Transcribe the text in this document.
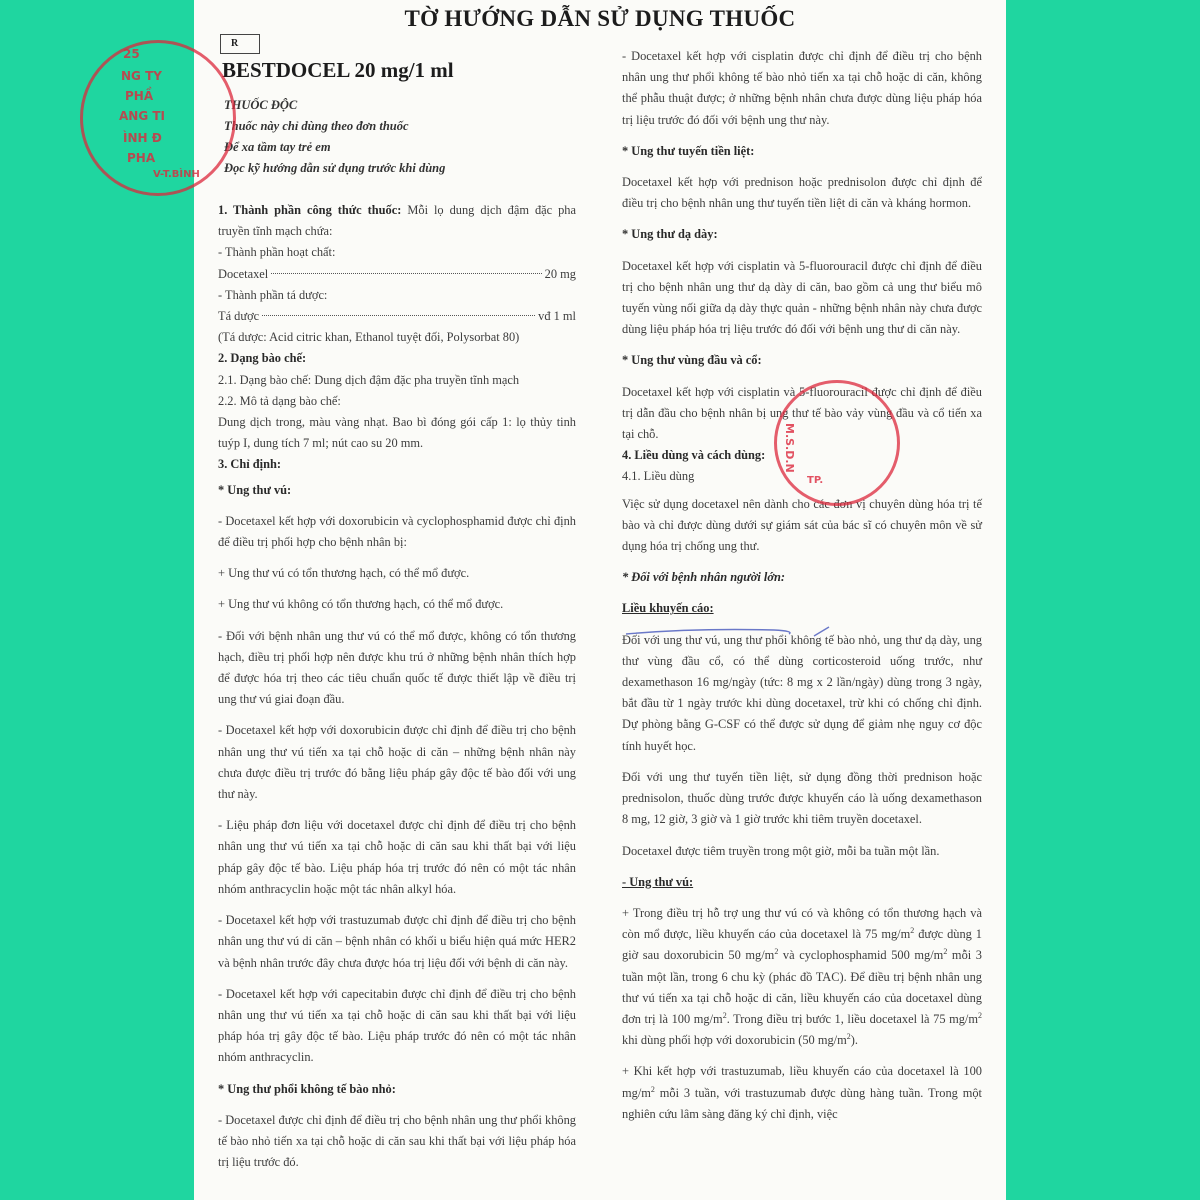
TỜ HƯỚNG DẪN SỬ DỤNG THUỐC
R
BESTDOCEL 20 mg/1 ml
THUỐC ĐỘC
Thuốc này chỉ dùng theo đơn thuốc
Để xa tầm tay trẻ em
Đọc kỹ hướng dẫn sử dụng trước khi dùng

1. Thành phần công thức thuốc: Mỗi lọ dung dịch đậm đặc pha truyền tĩnh mạch chứa:

- Thành phần hoạt chất:

Docetaxel	20 mg

- Thành phần tá dược:

Tá dược	vđ 1 ml

(Tá dược: Acid citric khan, Ethanol tuyệt đối, Polysorbat 80)

2. Dạng bào chế:

2.1. Dạng bào chế: Dung dịch đậm đặc pha truyền tĩnh mạch

2.2. Mô tả dạng bào chế:

Dung dịch trong, màu vàng nhạt. Bao bì đóng gói cấp 1: lọ thủy tinh tuýp I, dung tích 7 ml; nút cao su 20 mm.

3. Chỉ định:

* Ung thư vú:

- Docetaxel kết hợp với doxorubicin và cyclophosphamid được chỉ định để điều trị phối hợp cho bệnh nhân bị:

+ Ung thư vú có tổn thương hạch, có thể mổ được.

+ Ung thư vú không có tổn thương hạch, có thể mổ được.

- Đối với bệnh nhân ung thư vú có thể mổ được, không có tổn thương hạch, điều trị phối hợp nên được khu trú ở những bệnh nhân thích hợp để được hóa trị theo các tiêu chuẩn quốc tế được thiết lập về điều trị ung thư vú giai đoạn đầu.

- Docetaxel kết hợp với doxorubicin được chỉ định để điều trị cho bệnh nhân ung thư vú tiến xa tại chỗ hoặc di căn – những bệnh nhân này chưa được điều trị trước đó bằng liệu pháp gây độc tế bào đối với ung thư này.

- Liệu pháp đơn liệu với docetaxel được chỉ định để điều trị cho bệnh nhân ung thư vú tiến xa tại chỗ hoặc di căn sau khi thất bại với liệu pháp gây độc tế bào. Liệu pháp hóa trị trước đó nên có một tác nhân nhóm anthracyclin hoặc một tác nhân alkyl hóa.

- Docetaxel kết hợp với trastuzumab được chỉ định để điều trị cho bệnh nhân ung thư vú di căn – bệnh nhân có khối u biểu hiện quá mức HER2 và bệnh nhân trước đây chưa được hóa trị liệu đối với bệnh di căn này.

- Docetaxel kết hợp với capecitabin được chỉ định để điều trị cho bệnh nhân ung thư vú tiến xa tại chỗ hoặc di căn sau khi thất bại với liệu pháp hóa trị gây độc tế bào. Liệu pháp trước đó nên có một tác nhân nhóm anthracyclin.

* Ung thư phổi không tế bào nhỏ:

- Docetaxel được chỉ định để điều trị cho bệnh nhân ung thư phổi không tế bào nhỏ tiến xa tại chỗ hoặc di căn sau khi thất bại với liệu pháp hóa trị liệu trước đó.

- Docetaxel kết hợp với cisplatin được chỉ định để điều trị cho bệnh nhân ung thư phổi không tế bào nhỏ tiến xa tại chỗ hoặc di căn, không thể phẫu thuật được; ở những bệnh nhân chưa được dùng liệu pháp hóa trị liệu trước đó đối với bệnh ung thư này.

* Ung thư tuyến tiền liệt:

Docetaxel kết hợp với prednison hoặc prednisolon được chỉ định để điều trị cho bệnh nhân ung thư tuyến tiền liệt di căn và kháng hormon.

* Ung thư dạ dày:

Docetaxel kết hợp với cisplatin và 5-fluorouracil được chỉ định để điều trị cho bệnh nhân ung thư dạ dày di căn, bao gồm cả ung thư biểu mô tuyến vùng nối giữa dạ dày thực quản - những bệnh nhân này chưa được dùng liệu pháp hóa trị liệu trước đó đối với bệnh ung thư di căn này.

* Ung thư vùng đầu và cổ:

Docetaxel kết hợp với cisplatin và 5-fluorouracil được chỉ định để điều trị dẫn đầu cho bệnh nhân bị ung thư tế bào vảy vùng đầu và cổ tiến xa tại chỗ.

4. Liều dùng và cách dùng:

4.1. Liều dùng

Việc sử dụng docetaxel nên dành cho các đơn vị chuyên dùng hóa trị tế bào và chỉ được dùng dưới sự giám sát của bác sĩ có chuyên môn về sử dụng hóa trị chống ung thư.

* Đối với bệnh nhân người lớn:

Liều khuyến cáo:

Đối với ung thư vú, ung thư phổi không tế bào nhỏ, ung thư dạ dày, ung thư vùng đầu cổ, có thể dùng corticosteroid uống trước, như dexamethason 16 mg/ngày (tức: 8 mg x 2 lần/ngày) dùng trong 3 ngày, bắt đầu từ 1 ngày trước khi dùng docetaxel, trừ khi có chống chỉ định. Dự phòng bằng G-CSF có thể được sử dụng để giảm nhẹ nguy cơ độc tính huyết học.

Đối với ung thư tuyến tiền liệt, sử dụng đồng thời prednison hoặc prednisolon, thuốc dùng trước được khuyến cáo là uống dexamethason 8 mg, 12 giờ, 3 giờ và 1 giờ trước khi tiêm truyền docetaxel.

Docetaxel được tiêm truyền trong một giờ, mỗi ba tuần một lần.

- Ung thư vú:

+ Trong điều trị hỗ trợ ung thư vú có và không có tổn thương hạch và còn mổ được, liều khuyến cáo của docetaxel là 75 $mg/m^2$ được dùng 1 giờ sau doxorubicin 50 $mg/m^2$ và cyclophosphamid 500 $mg/m^2$ mỗi 3 tuần một lần, trong 6 chu kỳ (phác đồ TAC). Để điều trị bệnh nhân ung thư vú tiến xa tại chỗ hoặc di căn, liều khuyến cáo của docetaxel dùng đơn trị là 100 $mg/m^2$. Trong điều trị bước 1, liều docetaxel là 75 $mg/m^2$ khi dùng phối hợp với doxorubicin (50 $mg/m^2$).

+ Khi kết hợp với trastuzumab, liều khuyến cáo của docetaxel là 100 $mg/m^2$ mỗi 3 tuần, với trastuzumab được dùng hàng tuần. Trong một nghiên cứu lâm sàng đăng ký chỉ định, việc

25
NG TY
PHẦ
ANG TI
ÌNH Đ
PHA
V-T.BÌNH
M.S.D.N
TP.
